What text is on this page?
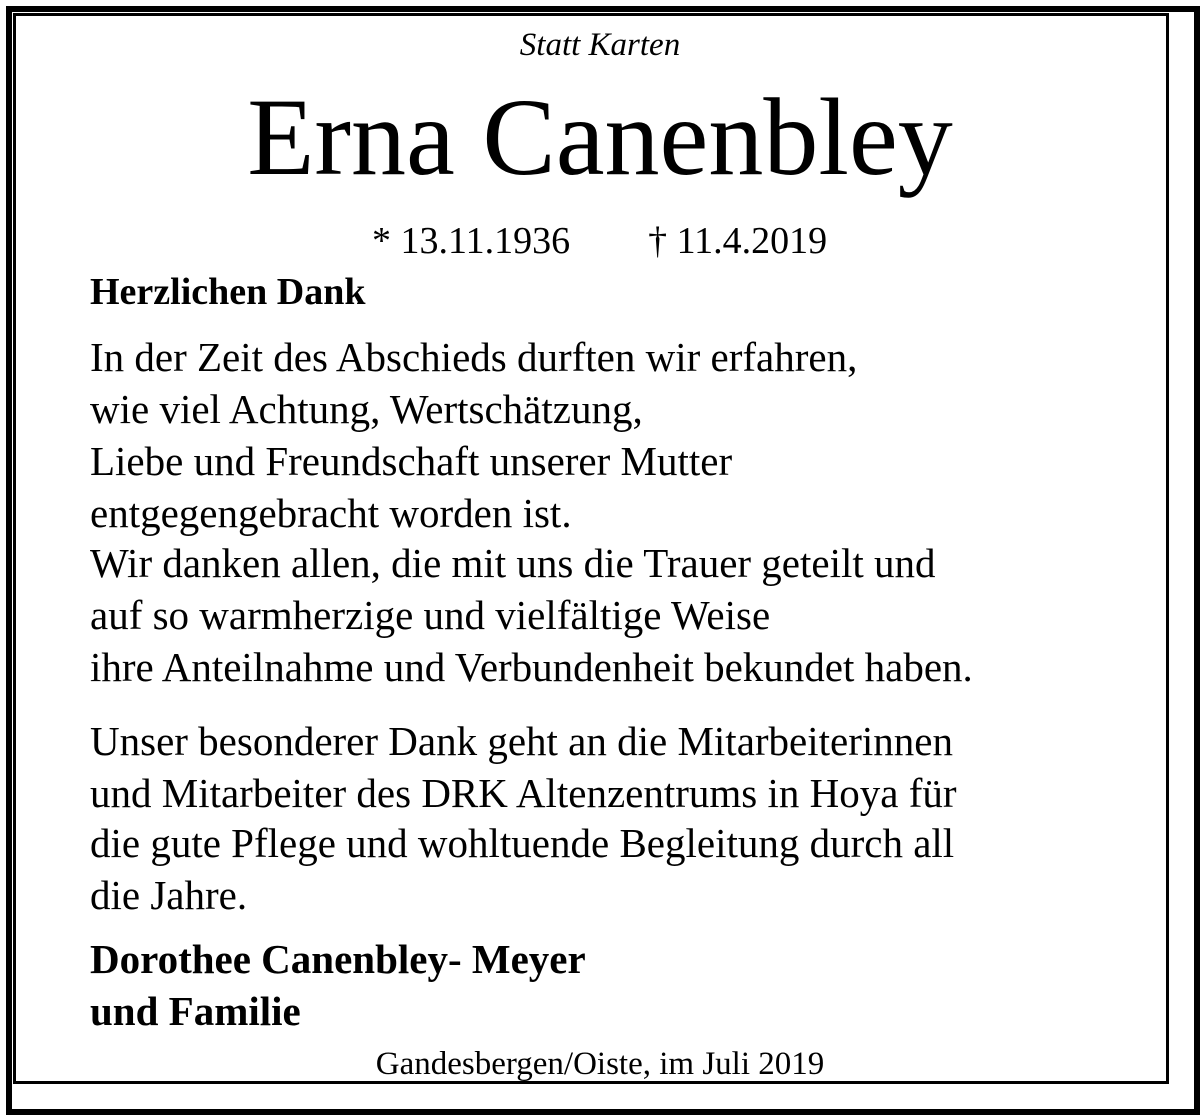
Statt Karten
Erna Canenbley
* 13.11.1936 † 11.4.2019
Herzlichen Dank
In der Zeit des Abschieds durften wir erfahren,
wie viel Achtung, Wertschätzung,
Liebe und Freundschaft unserer Mutter
entgegengebracht worden ist.
Wir danken allen, die mit uns die Trauer geteilt und
auf so warmherzige und vielfältige Weise
ihre Anteilnahme und Verbundenheit bekundet haben.
Unser besonderer Dank geht an die Mitarbeiterinnen
und Mitarbeiter des DRK Altenzentrums in Hoya für
die gute Pflege und wohltuende Begleitung durch all
die Jahre.
Dorothee Canenbley- Meyer
und Familie
Gandesbergen/Oiste, im Juli 2019
